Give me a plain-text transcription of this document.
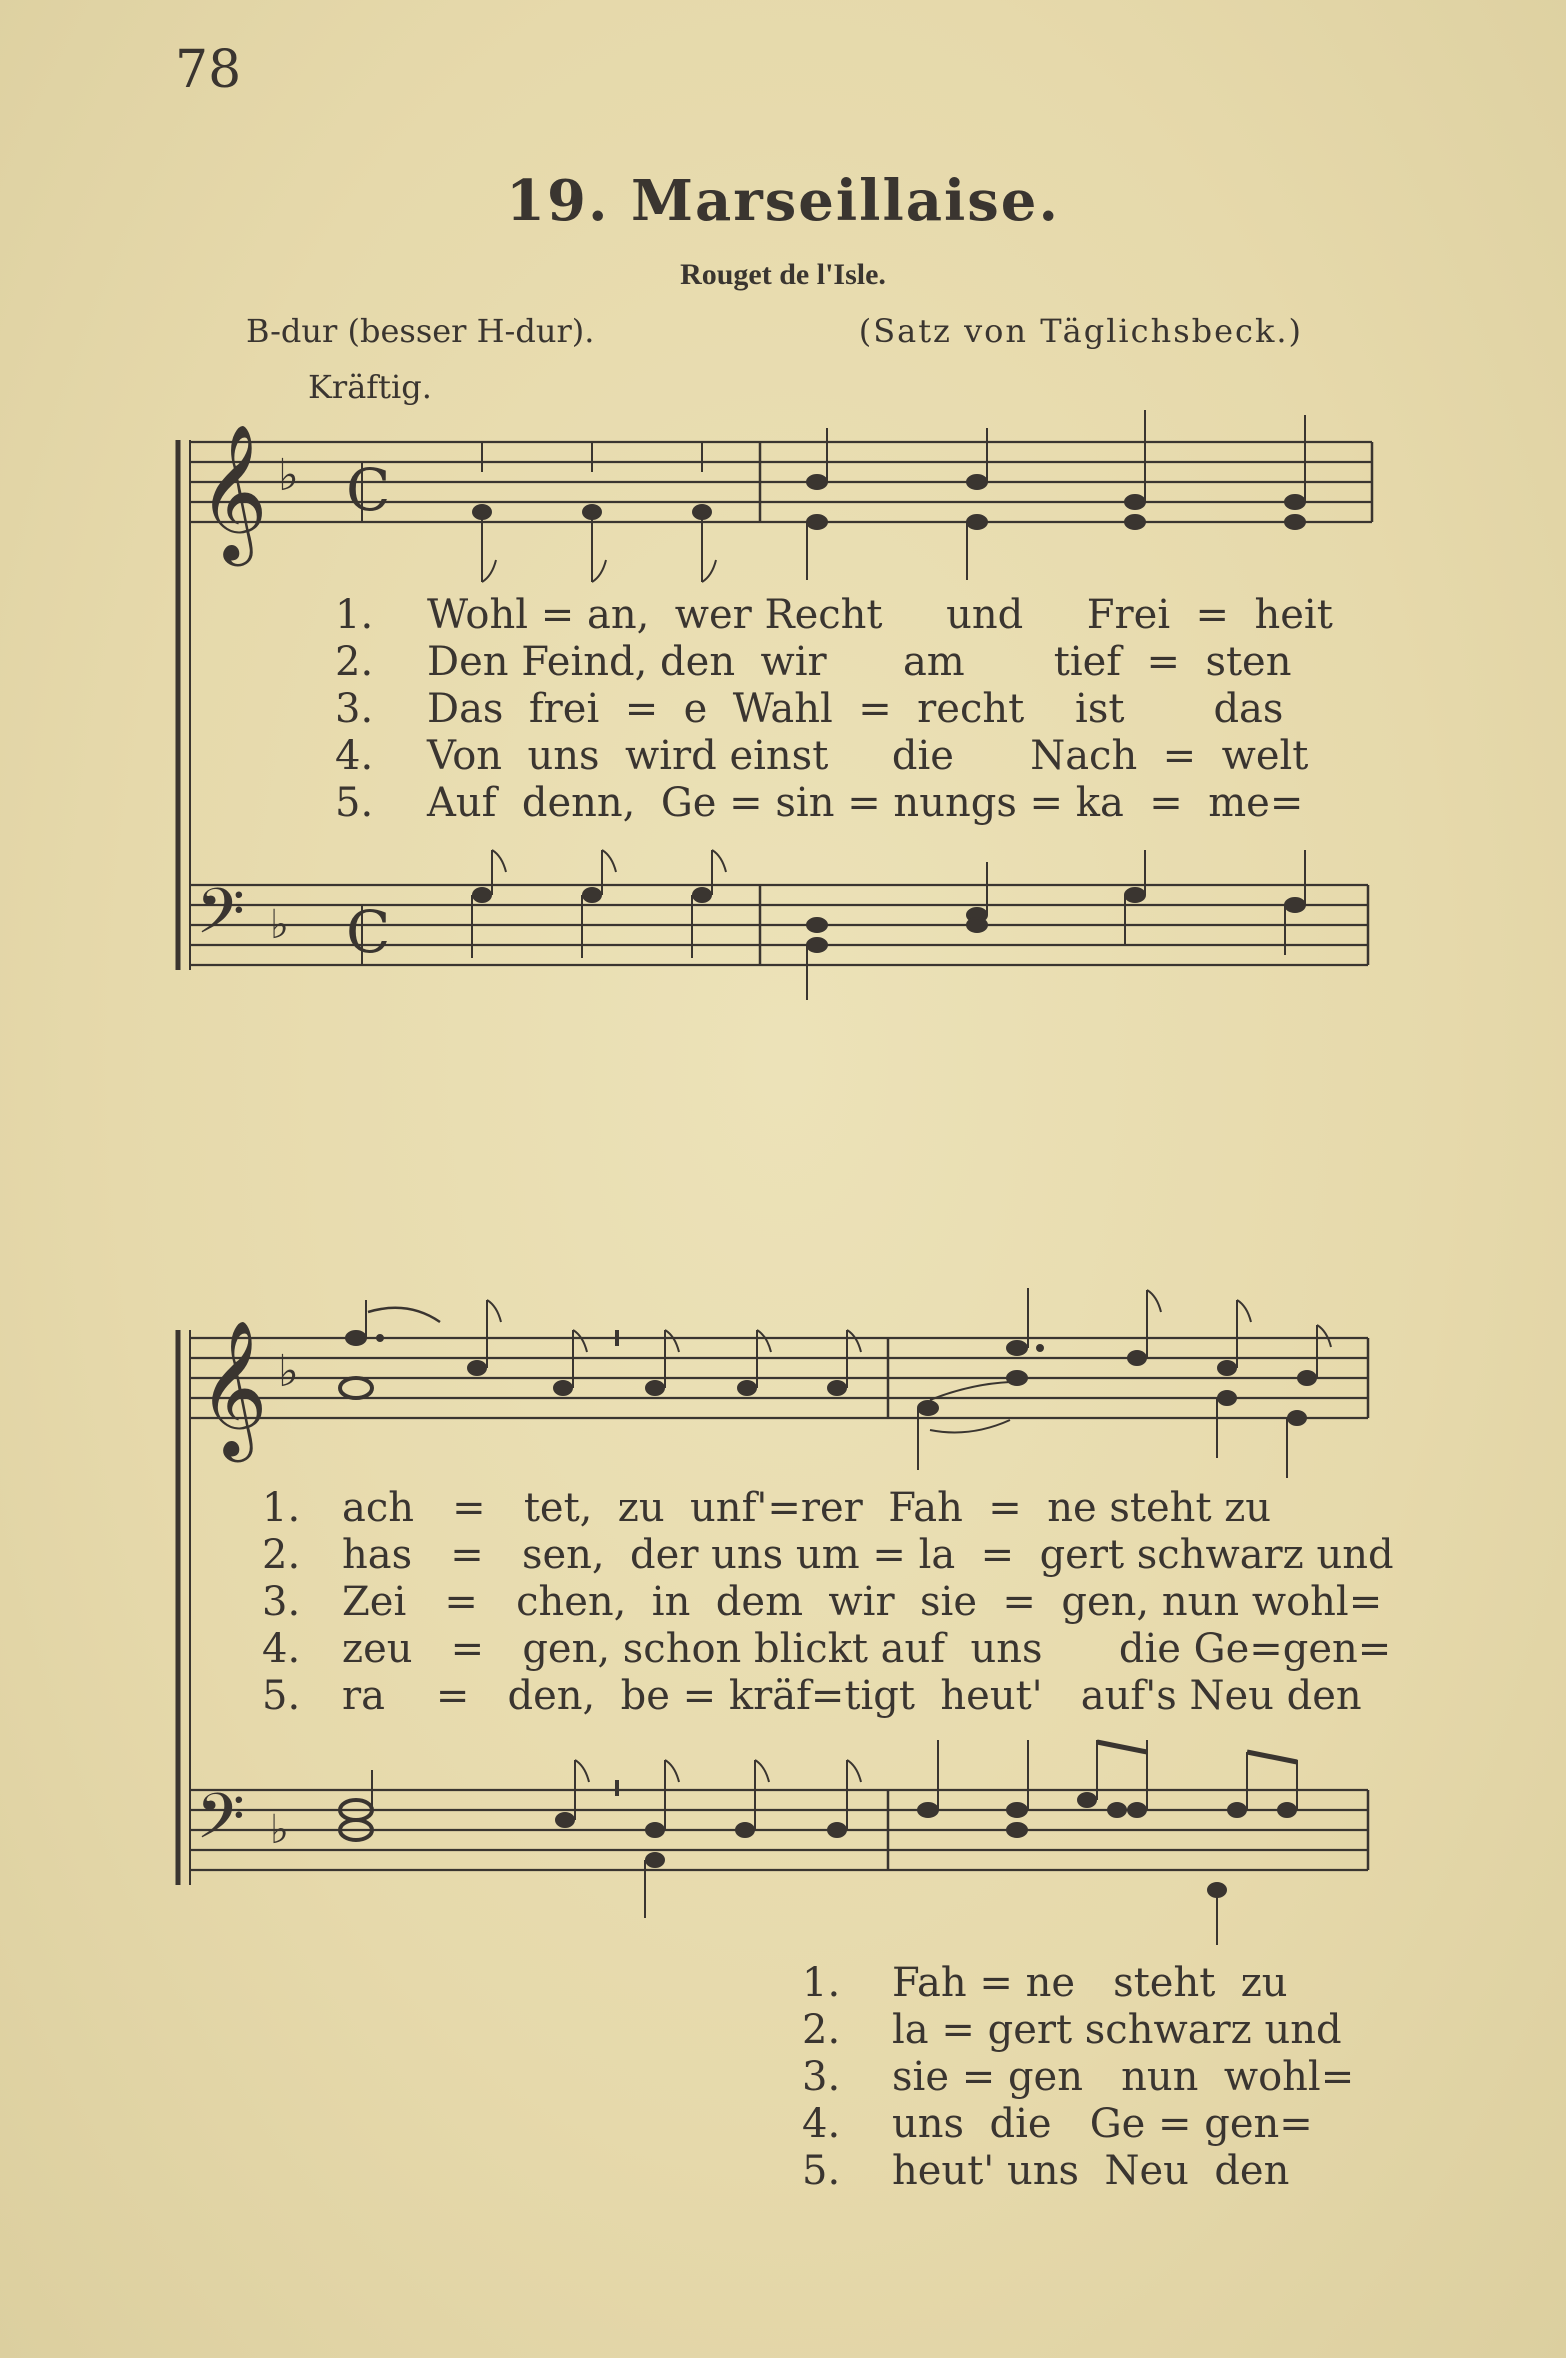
78
19. Marseillaise.
Rouget de l'Isle.
B-dur (besser H-dur).	(Satz von Täglichsbeck.)
Kräftig.
𝄞 ♭ C
𝄢 ♭ C
𝄞 ♭
𝄢 ♭
1.	Wohl = an,  wer Recht     und     Frei  =  heit
2.	Den Feind, den  wir      am       tief  =  sten
3.	Das  frei  =  e  Wahl  =  recht    ist       das
4.	Von  uns  wird einst     die      Nach  =  welt
5.	Auf  denn,  Ge = sin = nungs = ka  =  me=
1.	ach   =   tet,  zu  unf'=rer  Fah  =  ne steht zu
2.	has   =   sen,  der uns um = la  =  gert schwarz und
3.	Zei   =   chen,  in  dem  wir  sie  =  gen, nun wohl=
4.	zeu   =   gen, schon blickt auf  uns      die Ge=gen=
5.	ra    =   den,  be = kräf=tigt  heut'   auf's Neu den
1.	Fah = ne   steht  zu
2.	la = gert schwarz und
3.	sie = gen   nun  wohl=
4.	uns  die   Ge = gen=
5.	heut' uns  Neu  den
